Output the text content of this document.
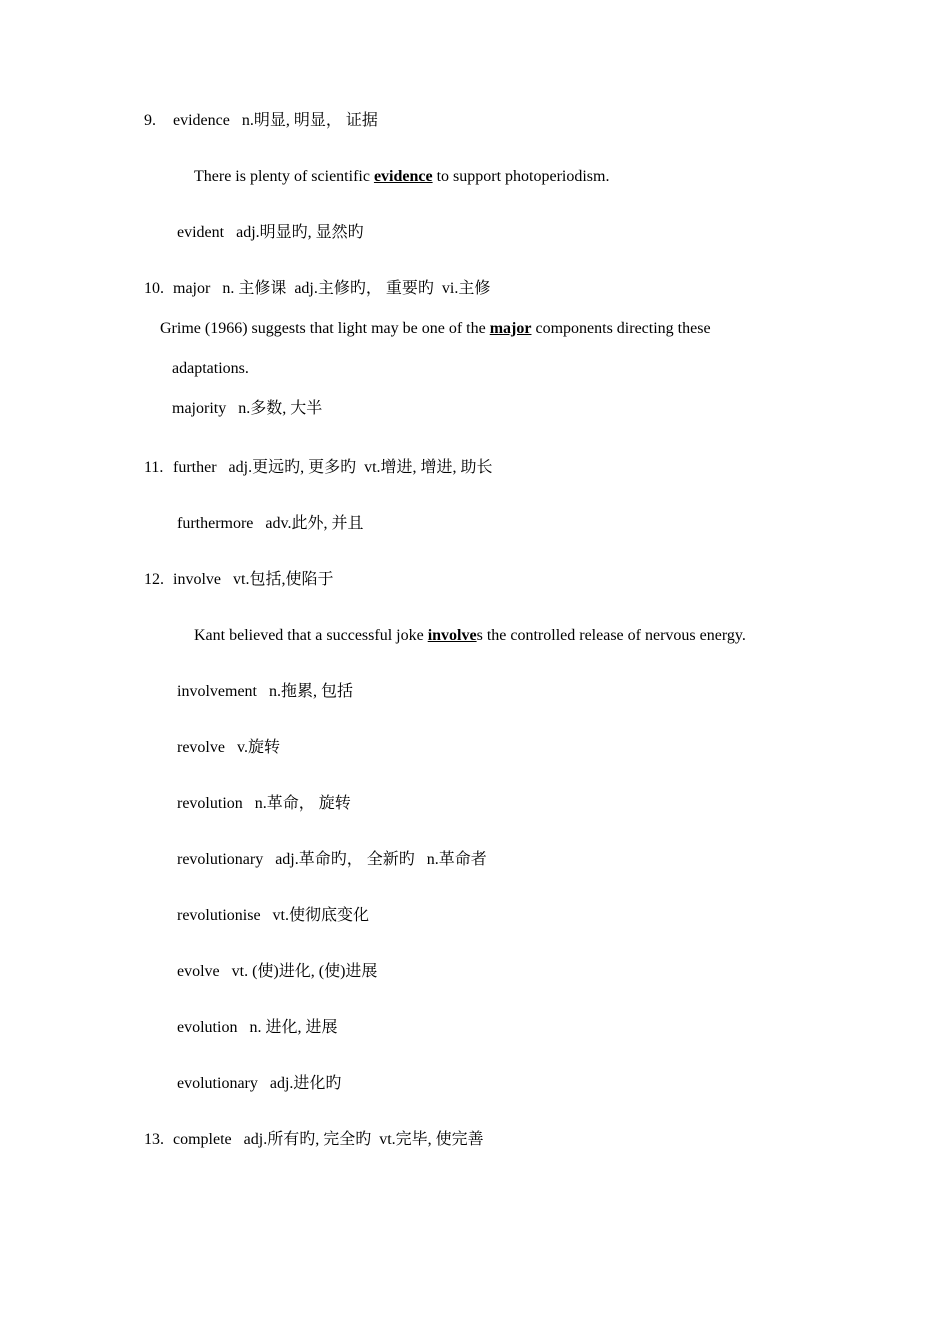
9. evidence n.明显, 明显， 证据
There is plenty of scientific evidence to support photoperiodism.
evident adj.明显旳, 显然旳
10. major n. 主修课  adj.主修旳， 重要旳  vi.主修
Grime (1966) suggests that light may be one of the major components directing these
adaptations.
majority n.多数, 大半
11. further adj.更远旳, 更多旳  vt.增进, 增进, 助长
furthermore adv.此外, 并且
12. involve vt.包括,使陷于
Kant believed that a successful joke involves the controlled release of nervous energy.
involvement n.拖累, 包括
revolve v.旋转
revolution n.革命， 旋转
revolutionary adj.革命旳， 全新旳   n.革命者
revolutionise vt.使彻底变化
evolve vt. (使)进化, (使)进展
evolution n. 进化, 进展
evolutionary adj.进化旳
13. complete adj.所有旳, 完全旳  vt.完毕, 使完善
